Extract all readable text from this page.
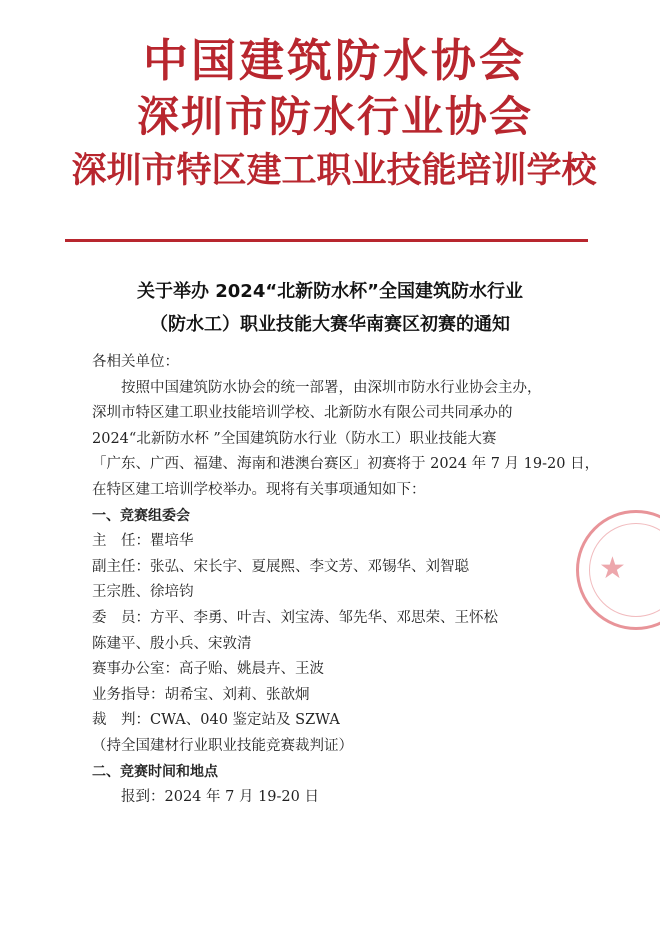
中国建筑防水协会
深圳市防水行业协会
深圳市特区建工职业技能培训学校
关于举办 2024“北新防水杯”全国建筑防水行业
（防水工）职业技能大赛华南赛区初赛的通知
各相关单位：
按照中国建筑防水协会的统一部署，由深圳市防水行业协会主办，
深圳市特区建工职业技能培训学校、北新防水有限公司共同承办的
2024“北新防水杯 ”全国建筑防水行业（防水工）职业技能大赛
「广东、广西、福建、海南和港澳台赛区」初赛将于 2024 年 7 月 19-20 日，
在特区建工培训学校举办。现将有关事项通知如下：
一、竞赛组委会
主　任：瞿培华
副主任：张弘、宋长宇、夏展熙、李文芳、邓锡华、刘智聪
王宗胜、徐培钧
委　员：方平、李勇、叶吉、刘宝涛、邹先华、邓思荣、王怀松
陈建平、殷小兵、宋敦清
赛事办公室：高子贻、姚晨卉、王波
业务指导：胡希宝、刘莉、张歆炯
裁　判：CWA、040 鉴定站及 SZWA
（持全国建材行业职业技能竞赛裁判证）
二、竞赛时间和地点
报到：2024 年 7 月 19-20 日
★
